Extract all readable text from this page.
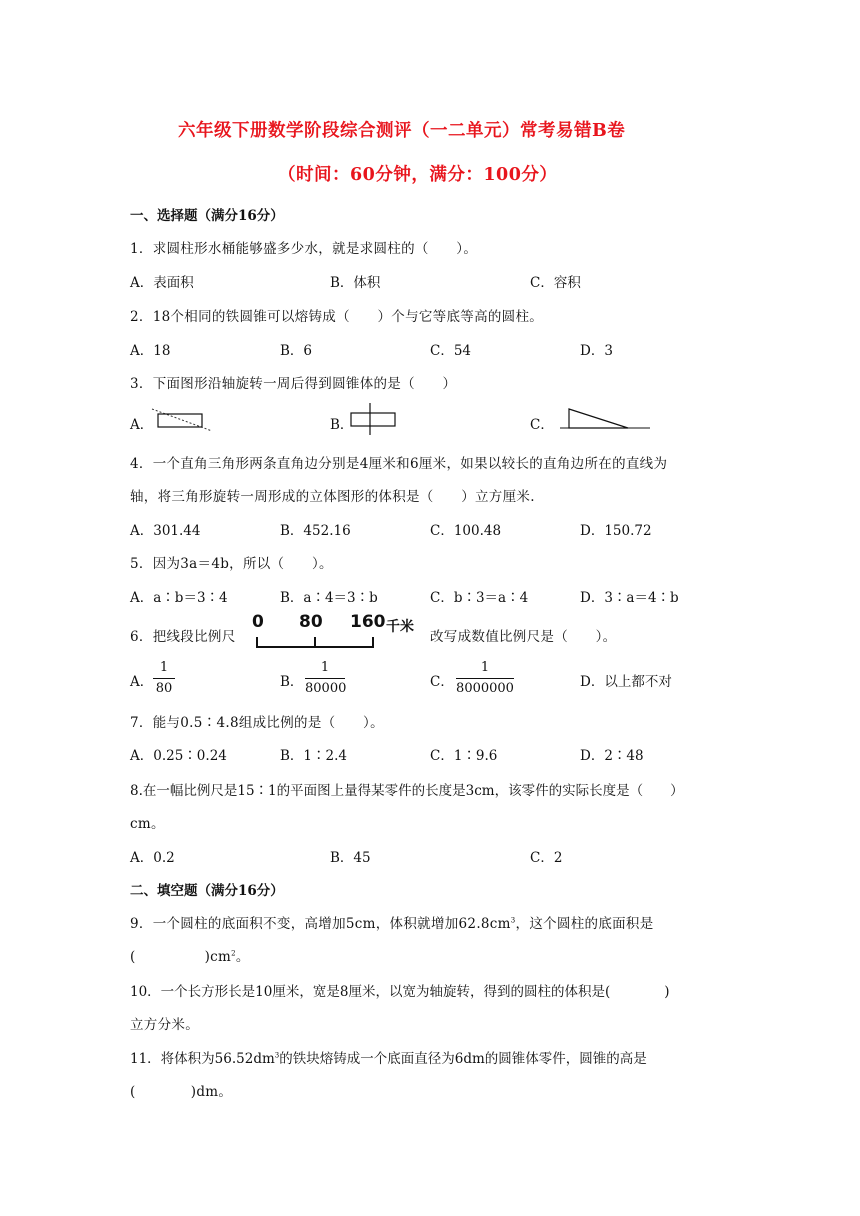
六年级下册数学阶段综合测评（一二单元）常考易错B卷
（时间：60分钟，满分：100分）
一、选择题（满分16分）
1．求圆柱形水桶能够盛多少水，就是求圆柱的（　　）。
A．表面积	B．体积	C．容积
2．18个相同的铁圆锥可以熔铸成（　　）个与它等底等高的圆柱。
A．18	B．6	C．54	D．3
3．下面图形沿轴旋转一周后得到圆锥体的是（　　）
A．	B．	C．
4．一个直角三角形两条直角边分别是4厘米和6厘米，如果以较长的直角边所在的直线为
轴，将三角形旋转一周形成的立体图形的体积是（　　）立方厘米.
A．301.44	B．452.16	C．100.48	D．150.72
5．因为3a＝4b，所以（　　）。
A．a∶b＝3∶4	B．a∶4＝3∶b	C．b∶3＝a∶4	D．3∶a＝4∶b
6．把线段比例尺
0 80 160 千米
改写成数值比例尺是（　　）。
A．
1
80	B．
1
80000	C．
1
8000000	D．以上都不对
7．能与0.5∶4.8组成比例的是（　　）。
A．0.25∶0.24	B．1∶2.4	C．1∶9.6	D．2∶48
8.在一幅比例尺是15∶1的平面图上量得某零件的长度是3cm，该零件的实际长度是（　　）
cm。
A．0.2	B．45	C．2
二、填空题（满分16分）
9．一个圆柱的底面积不变，高增加5cm，体积就增加$62.8cm^3$，这个圆柱的底面积是
(　　　　　)$cm^2$。
10．一个长方形长是10厘米，宽是8厘米，以宽为轴旋转，得到的圆柱的体积是(　　　　)
立方分米。
11．将体积为$56.52dm^3$的铁块熔铸成一个底面直径为6dm的圆锥体零件，圆锥的高是
(　　　　)dm。
